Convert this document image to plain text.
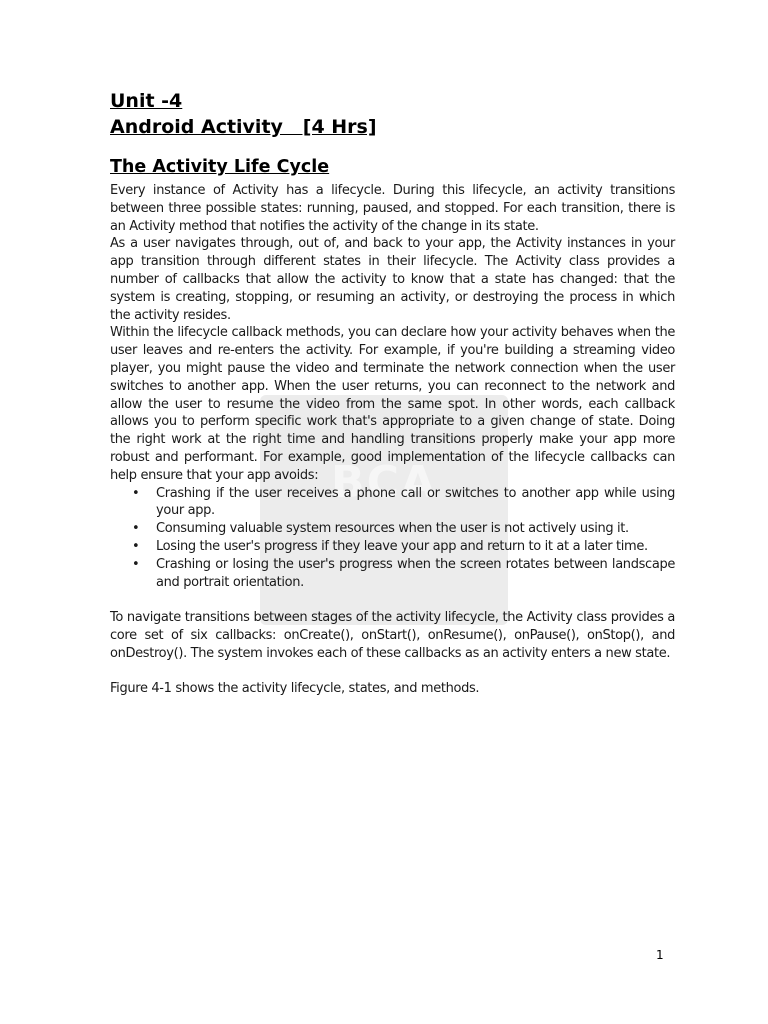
BCA
Unit -4
Android Activity   [4 Hrs]
The Activity Life Cycle

Every instance of Activity has a lifecycle. During this lifecycle, an activity transitions between three possible states: running, paused, and stopped. For each transition, there is an Activity method that notifies the activity of the change in its state.

As a user navigates through, out of, and back to your app, the Activity instances in your app transition through different states in their lifecycle. The Activity class provides a number of callbacks that allow the activity to know that a state has changed: that the system is creating, stopping, or resuming an activity, or destroying the process in which the activity resides.

Within the lifecycle callback methods, you can declare how your activity behaves when the user leaves and re-enters the activity. For example, if you're building a streaming video player, you might pause the video and terminate the network connection when the user switches to another app. When the user returns, you can reconnect to the network and allow the user to resume the video from the same spot. In other words, each callback allows you to perform specific work that's appropriate to a given change of state. Doing the right work at the right time and handling transitions properly make your app more robust and performant. For example, good implementation of the lifecycle callbacks can help ensure that your app avoids:

• Crashing if the user receives a phone call or switches to another app while using your app.
• Consuming valuable system resources when the user is not actively using it.
• Losing the user's progress if they leave your app and return to it at a later time.
• Crashing or losing the user's progress when the screen rotates between landscape and portrait orientation.

To navigate transitions between stages of the activity lifecycle, the Activity class provides a core set of six callbacks: onCreate(), onStart(), onResume(), onPause(), onStop(), and onDestroy(). The system invokes each of these callbacks as an activity enters a new state.

Figure 4-1 shows the activity lifecycle, states, and methods.

1
